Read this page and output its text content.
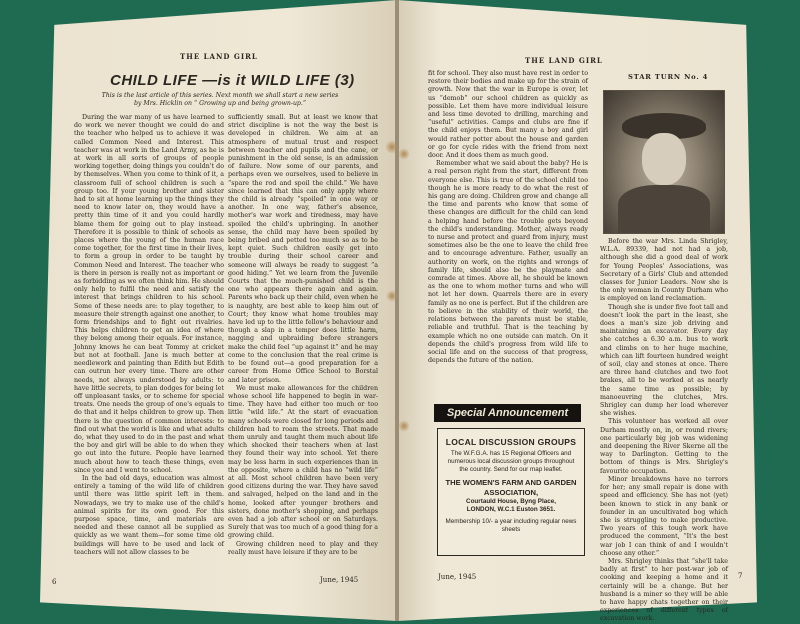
THE LAND GIRL
CHILD LIFE —is it WILD LIFE (3)
This is the last article of this series. Next month we shall start a new series by Mrs. Hicklin on “ Growing up and being grown-up.”

During the war many of us have learned to do work we never thought we could do and the teacher who helped us to achieve it was called Common Need and Interest. This teacher was at work in the Land Army, as he is at work in all sorts of groups of people working together, doing things you couldn't do by themselves. When you come to think of it, a classroom full of school children is such a group too. If your young brother and sister had to sit at home learning up the things they need to know later on, they would have a pretty thin time of it and you could hardly blame them for going out to play instead. Therefore it is possible to think of schools as places where the young of the human race come together, for the first time in their lives, to form a group in order to be taught by Common Need and Interest. The teacher who is there in person is really not as important or as forbidding as we often think him. He should only help to fulfil the need and satisfy the interest that brings children to his school. Some of these needs are: to play together, to measure their strength against one another, to form friendships and to fight out rivalries. This helps children to get an idea of where they belong among their equals. For instance, Johnny knows he can beat Tommy at cricket but not at football. Jane is much better at needlework and painting than Edith but Edith can outrun her every time. There are other needs, not always understood by adults: to have little secrets, to plan dodges for being let off unpleasant tasks, or to scheme for special treats. One needs the group of one's equals to do that and it helps children to grow up. Then there is the question of common interests: to find out what the world is like and what adults do, what they used to do in the past and what the boy and girl will be able to do when they go out into the future. People have learned much about how to teach these things, even since you and I went to school.

In the bad old days, education was almost entirely a taming of the wild life of children until there was little spirit left in them. Nowadays, we try to make use of the child's animal spirits for its own good. For this purpose space, time, and materials are needed and these cannot all be supplied as quickly as we want them—for some time old buildings will have to be used and lack of teachers will not allow classes to be

sufficiently small. But at least we know that strict discipline is not the way the best is developed in children. We aim at an atmosphere of mutual trust and respect between teacher and pupils and the cane, or punishment in the old sense, is an admission of failure. Now some of our parents, and perhaps even we ourselves, used to believe in “spare the rod and spoil the child.” We have since learned that this can only apply where the child is already “spoiled” in one way or another. In one way, father's absence, mother's war work and tiredness, may have spoiled the child's upbringing. In another sense, the child may have been spoiled by being bribed and petted too much so as to be kept quiet. Such children easily get into trouble during their school career and someone will always be ready to suggest “a good hiding.” Yet we learn from the Juvenile Courts that the much-punished child is the one who appears there again and again. Parents who back up their child, even when he is naughty, are best able to keep him out of Court; they know what home troubles may have led up to the little fellow's behaviour and though a slap in a temper does little harm, nagging and upbraiding before strangers make the child feel “up against it” and he may come to the conclusion that the real crime is to be found out—a good preparation for a career from Home Office School to Borstal and later prison.

We must make allowances for the children whose school life happened to begin in war-time. They have had either too much or too little “wild life.” At the start of evacuation many schools were closed for long periods and children had to roam the streets. That made them unruly and taught them much about life which shocked their teachers when at last they found their way into school. Yet there may be less harm in such experiences than in the opposite, where a child has no “wild life” at all. Most school children have been very good citizens during the war. They have saved and salvaged, helped on the land and in the home, looked after younger brothers and sisters, done mother's shopping, and perhaps even had a job after school or on Saturdays. Surely that was too much of a good thing for a growing child.

Growing children need to play and they really must have leisure if they are to be

6	June, 1945
THE LAND GIRL
STAR TURN No. 4

fit for school. They also must have rest in order to restore their bodies and make up for the strain of growth. Now that the war in Europe is over, let us “demob” our school children as quickly as possible. Let them have more individual leisure and less time devoted to drilling, marching and “useful” activities. Camps and clubs are fine if the child enjoys them. But many a boy and girl would rather potter about the house and garden or go for cycle rides with the friend from next door. And it does them as much good.

Remember what we said about the baby? He is a real person right from the start, different from everyone else. This is true of the school child too though he is more ready to do what the rest of his gang are doing. Children grow and change all the time and parents who know that some of these changes are difficult for the child can lend a helping hand before the trouble gets beyond the child's understanding. Mother, always ready to nurse and protect and guard from injury, must sometimes also be the one to leave the child free and to encourage adventure. Father, usually an authority on work, on the rights and wrongs of family life, should also be the playmate and comrade at times. Above all, he should be known as the one to whom mother turns and who will not let her down. Quarrels there are in every family as no one is perfect. But if the children are to believe in the stability of their world, the relations between the parents must be stable, reliable and truthful. That is the teaching by example which no one outside can match. On it depends the child's progress from wild life to social life and on the success of that progress, depends the future of the nation.

Special Announcement
LOCAL DISCUSSION GROUPS
The W.F.G.A. has 15 Regional Officers and numerous local discussion groups throughout the country. Send for our map leaflet.
THE WOMEN'S FARM AND GARDEN ASSOCIATION,
Courtauld House, Byng Place,
LONDON, W.C.1 Euston 3651.
Membership 10/- a year including regular news sheets

Before the war Mrs. Linda Shrigley, W.L.A. 89339, had not had a job, although she did a good deal of work for Young Peoples' Associations, was Secretary of a Girls' Club and attended classes for Junior Leaders. Now she is the only woman in County Durham who is employed on land reclamation.

Though she is under five foot tall and doesn't look the part in the least, she does a man's size job driving and maintaining an excavator. Every day she catches a 6.30 a.m. bus to work and climbs on to her huge machine, which can lift fourteen hundred weight of soil, clay and stones at once. There are three hand clutches and two foot brakes, all to be worked at as nearly the same time as possible; by manoeuvring the clutches, Mrs. Shrigley can dump her load wherever she wishes.

This volunteer has worked all over Durham mostly on, in, or round rivers; one particularly big job was widening and deepening the River Skerne all the way to Darlington. Getting to the bottom of things is Mrs. Shrigley's favourite occupation.

Minor breakdowns have no terrors for her; any small repair is done with speed and efficiency. She has not (yet) been known to stick in any bank or founder in an uncultivated bog which she is struggling to make productive. Two years of this tough work have produced the comment, “It's the best war job I can think of and I wouldn't choose any other.”

Mrs. Shrigley thinks that “she'll take badly at first” to her post-war job of cooking and keeping a home and it certainly will be a change. But her husband is a miner so they will be able to have happy chats together on their experiences of different types of excavation work.

June, 1945	7
